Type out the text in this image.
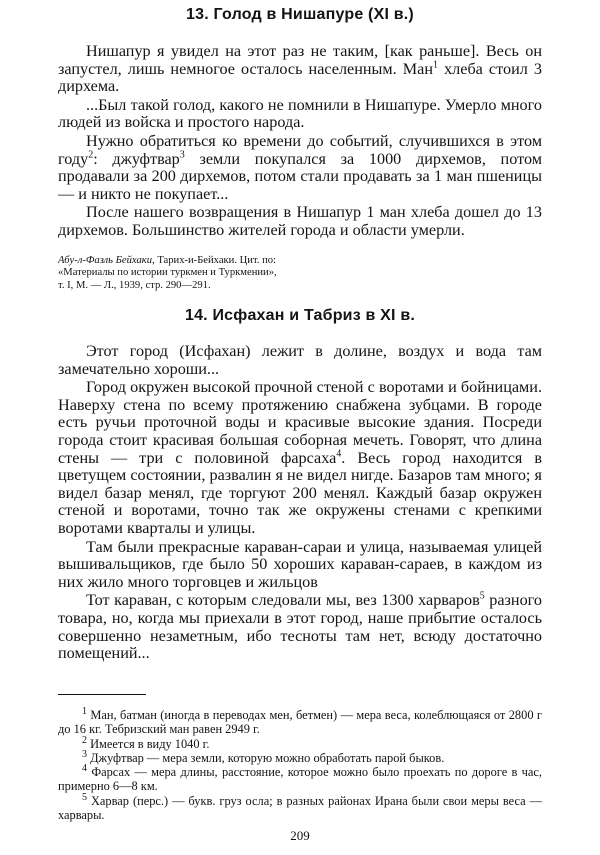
13. Голод в Нишапуре (XI в.)

Нишапур я увидел на этот раз не таким, [как раньше]. Весь он запустел, лишь немногое осталось населенным. Ман$^1$ хлеба стоил 3 дирхема.

...Был такой голод, какого не помнили в Нишапуре. Умерло много людей из войска и простого народа.

Нужно обратиться ко времени до событий, случившихся в этом году$^2$: джуфтвар$^3$ земли покупался за 1000 дирхемов, потом продавали за 200 дирхемов, потом стали продавать за 1 ман пшеницы — и никто не покупает...

После нашего возвращения в Нишапур 1 ман хлеба дошел до 13 дирхемов. Большинство жителей города и области умерли.

Абу-л-Фазль Бейхаки, Тарих-и-Бейхаки. Цит. по:

«Материалы по истории туркмен и Туркмении»,

т. I, М. — Л., 1939, стр. 290—291.

14. Исфахан и Табриз в XI в.

Этот город (Исфахан) лежит в долине, воздух и вода там замечательно хороши...

Город окружен высокой прочной стеной с воротами и бойницами. Наверху стена по всему протяжению снабжена зубцами. В городе есть ручьи проточной воды и красивые высокие здания. Посреди города стоит красивая большая соборная мечеть. Говорят, что длина стены — три с половиной фарсаха$^4$. Весь город находится в цветущем состоянии, развалин я не видел нигде. Базаров там много; я видел базар менял, где торгуют 200 менял. Каждый базар окружен стеной и воротами, точно так же окружены стенами с крепкими воротами кварталы и улицы.

Там были прекрасные караван-сараи и улица, называемая улицей вышивальщиков, где было 50 хороших караван-сараев, в каждом из них жило много торговцев и жильцов

Тот караван, с которым следовали мы, вез 1300 харваров$^5$ разного товара, но, когда мы приехали в этот город, наше прибытие осталось совершенно незаметным, ибо тесноты там нет, всюду достаточно помещений...

$^1$ Ман, батман (иногда в переводах мен, бетмен) — мера веса, колеблющаяся от 2800 г до 16 кг. Тебризский ман равен 2949 г.

$^2$ Имеется в виду 1040 г.

$^3$ Джуфтвар — мера земли, которую можно обработать парой быков.

$^4$ Фарсах — мера длины, расстояние, которое можно было проехать по дороге в час, примерно 6—8 км.

$^5$ Харвар (перс.) — букв. груз осла; в разных районах Ирана были свои меры веса — харвары.

209
